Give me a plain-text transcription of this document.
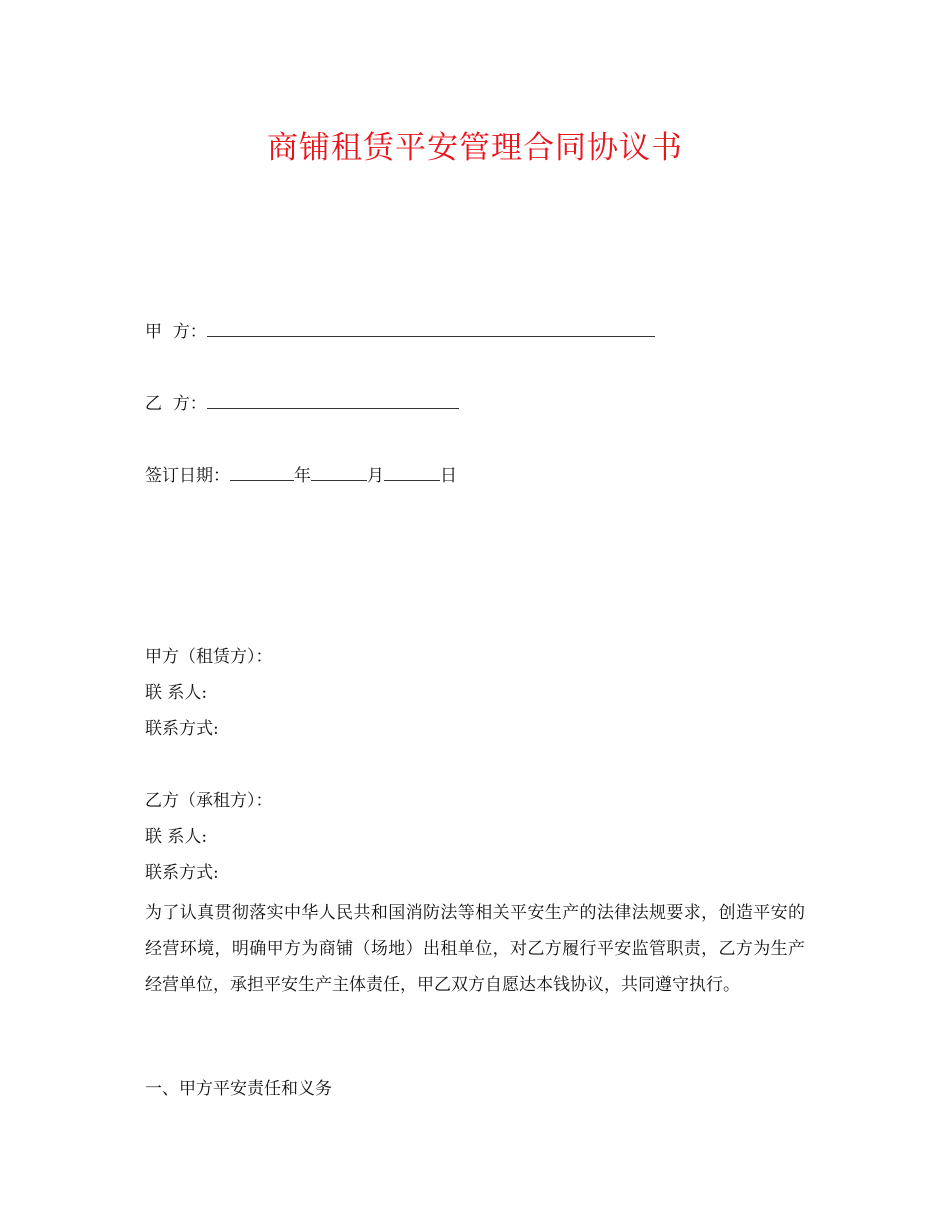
商铺租赁平安管理合同协议书
甲  方：
乙  方：
签订日期：	年	月	日
甲方（租赁方）：
联 系人:
联系方式:
乙方（承租方）：
联 系人:
联系方式:
为了认真贯彻落实中华人民共和国消防法等相关平安生产的法律法规要求，创造平安的经营环境，明确甲方为商铺（场地）出租单位，对乙方履行平安监管职责，乙方为生产经营单位，承担平安生产主体责任，甲乙双方自愿达本钱协议，共同遵守执行。
一、甲方平安责任和义务
